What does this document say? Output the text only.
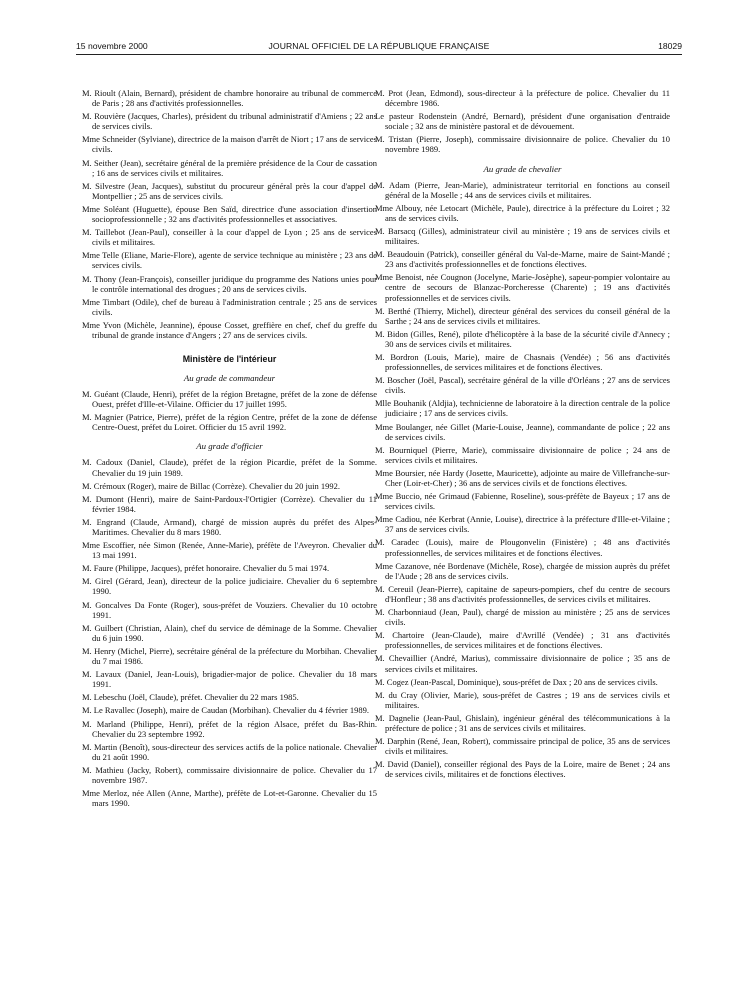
15 novembre 2000	JOURNAL OFFICIEL DE LA RÉPUBLIQUE FRANÇAISE	18029
M. Rioult (Alain, Bernard), président de chambre honoraire au tribunal de commerce de Paris ; 28 ans d'activités professionnelles.
M. Rouvière (Jacques, Charles), président du tribunal administratif d'Amiens ; 22 ans de services civils.
Mme Schneider (Sylviane), directrice de la maison d'arrêt de Niort ; 17 ans de services civils.
M. Seither (Jean), secrétaire général de la première présidence de la Cour de cassation ; 16 ans de services civils et militaires.
M. Silvestre (Jean, Jacques), substitut du procureur général près la cour d'appel de Montpellier ; 25 ans de services civils.
Mme Soléant (Huguette), épouse Ben Saïd, directrice d'une association d'insertion socioprofessionnelle ; 32 ans d'activités professionnelles et associatives.
M. Taillebot (Jean-Paul), conseiller à la cour d'appel de Lyon ; 25 ans de services civils et militaires.
Mme Telle (Eliane, Marie-Flore), agente de service technique au ministère ; 23 ans de services civils.
M. Thony (Jean-François), conseiller juridique du programme des Nations unies pour le contrôle international des drogues ; 20 ans de services civils.
Mme Timbart (Odile), chef de bureau à l'administration centrale ; 25 ans de services civils.
Mme Yvon (Michèle, Jeannine), épouse Cosset, greffière en chef, chef du greffe du tribunal de grande instance d'Angers ; 27 ans de services civils.
Ministère de l'intérieur
Au grade de commandeur
M. Guéant (Claude, Henri), préfet de la région Bretagne, préfet de la zone de défense Ouest, préfet d'Ille-et-Vilaine. Officier du 17 juillet 1995.
M. Magnier (Patrice, Pierre), préfet de la région Centre, préfet de la zone de défense Centre-Ouest, préfet du Loiret. Officier du 15 avril 1992.
Au grade d'officier
M. Cadoux (Daniel, Claude), préfet de la région Picardie, préfet de la Somme. Chevalier du 19 juin 1989.
M. Crémoux (Roger), maire de Billac (Corrèze). Chevalier du 20 juin 1992.
M. Dumont (Henri), maire de Saint-Pardoux-l'Ortigier (Corrèze). Chevalier du 11 février 1984.
M. Engrand (Claude, Armand), chargé de mission auprès du préfet des Alpes-Maritimes. Chevalier du 8 mars 1980.
Mme Escoffier, née Simon (Renée, Anne-Marie), préfète de l'Aveyron. Chevalier du 13 mai 1991.
M. Faure (Philippe, Jacques), préfet honoraire. Chevalier du 5 mai 1974.
M. Girel (Gérard, Jean), directeur de la police judiciaire. Chevalier du 6 septembre 1990.
M. Goncalves Da Fonte (Roger), sous-préfet de Vouziers. Chevalier du 10 octobre 1991.
M. Guilbert (Christian, Alain), chef du service de déminage de la Somme. Chevalier du 6 juin 1990.
M. Henry (Michel, Pierre), secrétaire général de la préfecture du Morbihan. Chevalier du 7 mai 1986.
M. Lavaux (Daniel, Jean-Louis), brigadier-major de police. Chevalier du 18 mars 1991.
M. Lebeschu (Joël, Claude), préfet. Chevalier du 22 mars 1985.
M. Le Ravallec (Joseph), maire de Caudan (Morbihan). Chevalier du 4 février 1989.
M. Marland (Philippe, Henri), préfet de la région Alsace, préfet du Bas-Rhin. Chevalier du 23 septembre 1992.
M. Martin (Benoît), sous-directeur des services actifs de la police nationale. Chevalier du 21 août 1990.
M. Mathieu (Jacky, Robert), commissaire divisionnaire de police. Chevalier du 17 novembre 1987.
Mme Merloz, née Allen (Anne, Marthe), préfète de Lot-et-Garonne. Chevalier du 15 mars 1990.
M. Prot (Jean, Edmond), sous-directeur à la préfecture de police. Chevalier du 11 décembre 1986.
Le pasteur Rodenstein (André, Bernard), président d'une organisation d'entraide sociale ; 32 ans de ministère pastoral et de dévouement.
M. Tristan (Pierre, Joseph), commissaire divisionnaire de police. Chevalier du 10 novembre 1989.
Au grade de chevalier
M. Adam (Pierre, Jean-Marie), administrateur territorial en fonctions au conseil général de la Moselle ; 44 ans de services civils et militaires.
Mme Albouy, née Letocart (Michèle, Paule), directrice à la préfecture du Loiret ; 32 ans de services civils.
M. Barsacq (Gilles), administrateur civil au ministère ; 19 ans de services civils et militaires.
M. Beaudouin (Patrick), conseiller général du Val-de-Marne, maire de Saint-Mandé ; 23 ans d'activités professionnelles et de fonctions électives.
Mme Benoist, née Cougnon (Jocelyne, Marie-Josèphe), sapeur-pompier volontaire au centre de secours de Blanzac-Porcheresse (Charente) ; 19 ans d'activités professionnelles et de services civils.
M. Berthé (Thierry, Michel), directeur général des services du conseil général de la Sarthe ; 24 ans de services civils et militaires.
M. Bidon (Gilles, René), pilote d'hélicoptère à la base de la sécurité civile d'Annecy ; 30 ans de services civils et militaires.
M. Bordron (Louis, Marie), maire de Chasnais (Vendée) ; 56 ans d'activités professionnelles, de services militaires et de fonctions électives.
M. Boscher (Joël, Pascal), secrétaire général de la ville d'Orléans ; 27 ans de services civils.
Mlle Bouhanik (Aldjia), technicienne de laboratoire à la direction centrale de la police judiciaire ; 17 ans de services civils.
Mme Boulanger, née Gillet (Marie-Louise, Jeanne), commandante de police ; 22 ans de services civils.
M. Bourniquel (Pierre, Marie), commissaire divisionnaire de police ; 24 ans de services civils et militaires.
Mme Boursier, née Hardy (Josette, Mauricette), adjointe au maire de Villefranche-sur-Cher (Loir-et-Cher) ; 36 ans de services civils et de fonctions électives.
Mme Buccio, née Grimaud (Fabienne, Roseline), sous-préfète de Bayeux ; 17 ans de services civils.
Mme Cadiou, née Kerbrat (Annie, Louise), directrice à la préfecture d'Ille-et-Vilaine ; 37 ans de services civils.
M. Caradec (Louis), maire de Plougonvelin (Finistère) ; 48 ans d'activités professionnelles, de services militaires et de fonctions électives.
Mme Cazanove, née Bordenave (Michèle, Rose), chargée de mission auprès du préfet de l'Aude ; 28 ans de services civils.
M. Cereuil (Jean-Pierre), capitaine de sapeurs-pompiers, chef du centre de secours d'Honfleur ; 38 ans d'activités professionnelles, de services civils et militaires.
M. Charbonniaud (Jean, Paul), chargé de mission au ministère ; 25 ans de services civils.
M. Chartoire (Jean-Claude), maire d'Avrillé (Vendée) ; 31 ans d'activités professionnelles, de services militaires et de fonctions électives.
M. Chevaillier (André, Marius), commissaire divisionnaire de police ; 35 ans de services civils et militaires.
M. Cogez (Jean-Pascal, Dominique), sous-préfet de Dax ; 20 ans de services civils.
M. du Cray (Olivier, Marie), sous-préfet de Castres ; 19 ans de services civils et militaires.
M. Dagnelie (Jean-Paul, Ghislain), ingénieur général des télécommunications à la préfecture de police ; 31 ans de services civils et militaires.
M. Darphin (René, Jean, Robert), commissaire principal de police, 35 ans de services civils et militaires.
M. David (Daniel), conseiller régional des Pays de la Loire, maire de Benet ; 24 ans de services civils, militaires et de fonctions électives.
